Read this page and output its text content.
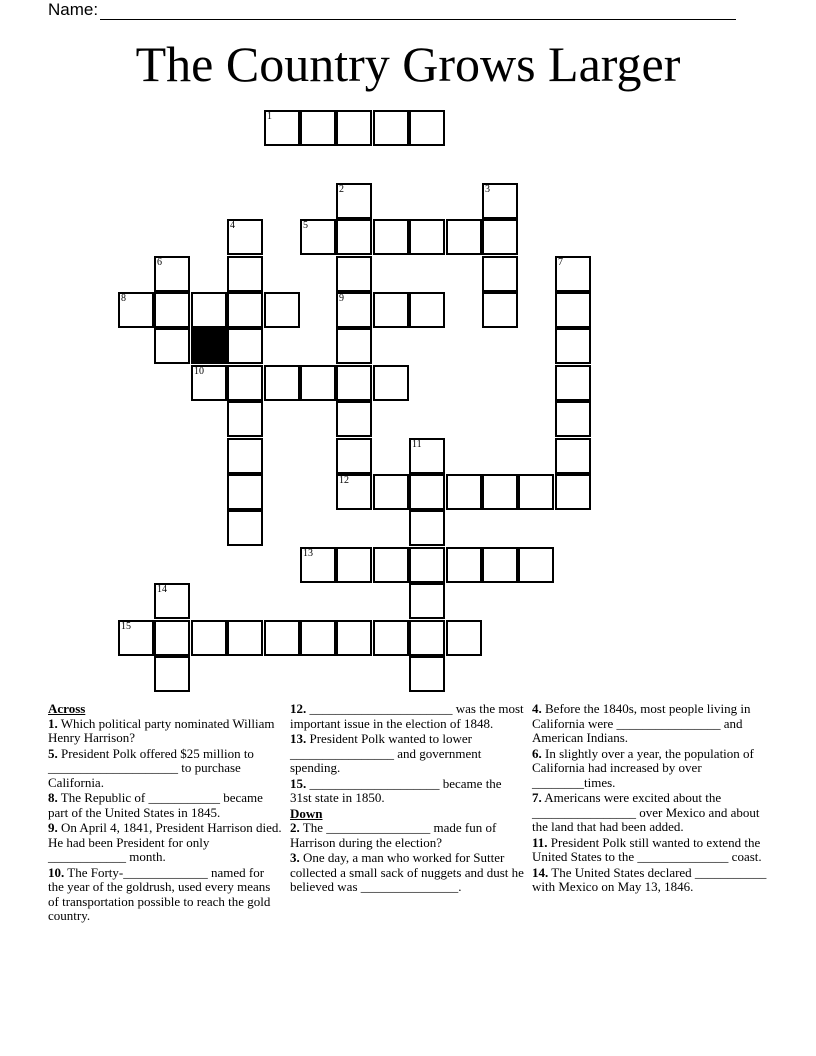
Name:
The Country Grows Larger
1
2	3
4	5
6	7
8	9
10
11
12
13
14
15
Across
1. Which political party nominated William Henry Harrison?
5. President Polk offered $25 million to ____________________ to purchase California.
8. The Republic of ___________ became part of the United States in 1845.
9. On April 4, 1841, President Harrison died. He had been President for only ____________ month.
10. The Forty-_____________ named for the year of the goldrush, used every means of transportation possible to reach the gold country.
12. ______________________ was the most important issue in the election of 1848.
13. President Polk wanted to lower ________________ and government spending.
15. ____________________ became the 31st state in 1850.
Down
2. The ________________ made fun of Harrison during the election?
3. One day, a man who worked for Sutter collected a small sack of nuggets and dust he believed was _______________.
4. Before the 1840s, most people living in California were ________________ and American Indians.
6. In slightly over a year, the population of California had increased by over ________times.
7. Americans were excited about the ________________ over Mexico and about the land that had been added.
11. President Polk still wanted to extend the United States to the ______________ coast.
14. The United States declared ___________ with Mexico on May 13, 1846.
